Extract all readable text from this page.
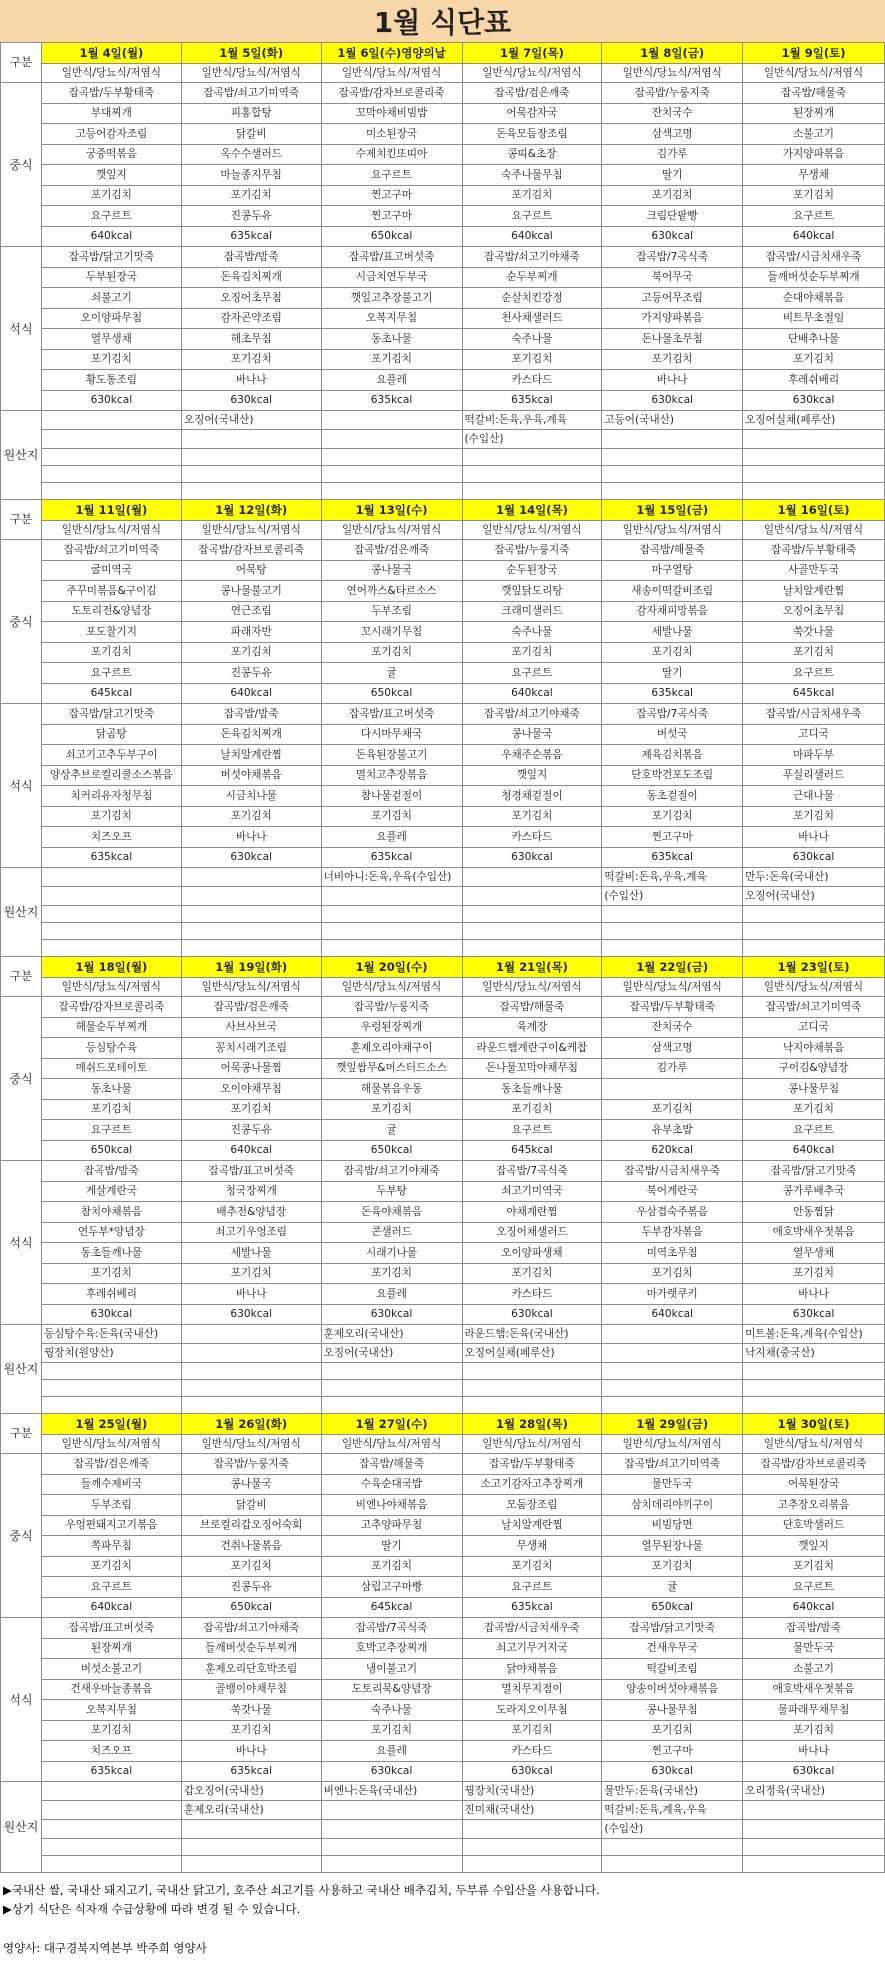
1월 식단표
구분	1월 4일(월)	1월 5일(화)	1월 6일(수)영양의날	1월 7일(목)	1월 8일(금)	1월 9일(토)
	일반식/당뇨식/저염식	일반식/당뇨식/저염식	일반식/당뇨식/저염식	일반식/당뇨식/저염식	일반식/당뇨식/저염식	일반식/당뇨식/저염식
중식	잡곡밥/두부황태죽	잡곡밥/쇠고기미역죽	잡곡밥/감자브로콜리죽	잡곡밥/검은깨죽	잡곡밥/누룽지죽	잡곡밥/해물죽
	부대찌개	피홍합탕	꼬막야채비빔밥	어묵감자국	잔치국수	된장찌개
	고등어감자조림	닭갈비	미소된장국	돈육모듬장조림	삼색고명	소불고기
	궁중떡볶음	옥수수샐러드	수제치킨또띠아	콩띠&초장	김가루	가지양파볶음
	깻잎지	마늘종지무침	요구르트	숙주나물무침	딸기	무생채
	포기김치	포기김치	찐고구마	포기김치	포기김치	포기김치
	요구르트	진콩두유	찐고구마	요구르트	크림단팥빵	요구르트
	640kcal	635kcal	650kcal	640kcal	630kcal	640kcal
석식	잡곡밥/닭고기맛죽	잡곡밥/밤죽	잡곡밥/표고버섯죽	잡곡밥/쇠고기야채죽	잡곡밥/7곡식죽	잡곡밥/시금치새우죽
	두부된장국	돈육김치찌개	시금치연두부국	순두부찌개	북어무국	들깨버섯순두부찌개
	쇠불고기	오징어초무침	깻잎고추장불고기	순살치킨강정	고등어무조림	순대야채볶음
	오이양파무침	감자곤약조림	오복지무침	천사채샐러드	가지양파볶음	비트무초절임
	열무생채	해초무침	동초나물	숙주나물	돈나물초무침	단배추나물
	포기김치	포기김치	포기김치	포기김치	포기김치	포기김치
	황도통조림	바나나	요플레	카스타드	바나나	후레쉬베리
	630kcal	630kcal	635kcal	635kcal	630kcal	630kcal
원산지		오징어(국내산)		떡갈비:돈육,우육,계육	고등어(국내산)	오징어실채(페루산)
				(수입산)		

구분	1월 11일(월)	1월 12일(화)	1월 13일(수)	1월 14일(목)	1월 15일(금)	1월 16일(토)
	일반식/당뇨식/저염식	일반식/당뇨식/저염식	일반식/당뇨식/저염식	일반식/당뇨식/저염식	일반식/당뇨식/저염식	일반식/당뇨식/저염식
중식	잡곡밥/쇠고기미역죽	잡곡밥/감자브로콜리죽	잡곡밥/검은깨죽	잡곡밥/누룽지죽	잡곡밥/해물죽	잡곡밥/두부황태죽
	굴미역국	어묵탕	콩나물국	순두된장국	마구열탕	사골만두국
	주꾸미볶음&구이김	콩나물불고기	연어까스&타르소스	깻잎닭도리탕	새송이떡갈비조림	날치알계란찜
	도토리전&양념장	연근조림	두부조림	크래미샐러드	감자채피망볶음	오징어초무침
	포도찰기지	파래자반	꼬시래기무침	숙주나물	세발나물	쑥갓나물
	포기김치	포기김치	포기김치	포기김치	포기김치	포기김치
	요구르트	진콩두유	귤	요구르트	딸기	요구르트
	645kcal	640kcal	650kcal	640kcal	635kcal	645kcal
석식	잡곡밥/닭고기맛죽	잡곡밥/밤죽	잡곡밥/표고버섯죽	잡곡밥/쇠고기야채죽	잡곡밥/7곡식죽	잡곡밥/시금치새우죽
	닭곰탕	돈육김치찌개	다시마무채국	콩나물국	버섯국	고디국
	쇠고기고추두부구이	날치알계란찜	돈육된장불고기	우채주순볶음	제육김치볶음	마파두부
	양상추브로컬리쿨소스볶음	버섯야채볶음	멸치고추장볶음	깻잎지	단호박건포도조림	푸실리샐러드
	치커리유자청무침	시금치나물	참나물겉절이	청경채겉절이	동초겉절이	근대나물
	포기김치	포기김치	포기김치	포기김치	포기김치	포기김치
	치즈오프	바나나	요플레	카스타드	찐고구마	바나나
	635kcal	630kcal	635kcal	630kcal	635kcal	630kcal
원산지			너비아니:돈육,우육(수입산)		떡갈비:돈육,우육,계육	만두:돈육(국내산)
					(수입산)	오징어(국내산)

구분	1월 18일(월)	1월 19일(화)	1월 20일(수)	1월 21일(목)	1월 22일(금)	1월 23일(토)
	일반식/당뇨식/저염식	일반식/당뇨식/저염식	일반식/당뇨식/저염식	일반식/당뇨식/저염식	일반식/당뇨식/저염식	일반식/당뇨식/저염식
중식	잡곡밥/감자브로콜리죽	잡곡밥/검은깨죽	잡곡밥/누룽지죽	잡곡밥/해물죽	잡곡밥/두부황태죽	잡곡밥/쇠고기미역죽
	해물순두부찌개	사브사브국	우렁된장찌개	육계장	잔치국수	고디국
	등심탕수육	꽁치시래기조림	훈제오리야채구이	라운드햄계란구이&케찹	삼색고명	낙지야채볶음
	매쉬드포테이토	어묵콩나물찜	깻잎쌈무&머스터드소스	돈나물꼬막야채무침	김가루	구이김&양념장
	동초나물	오이야채무침	해물볶음우동	동초들깨나물		콩나물무침
	포기김치	포기김치	포기김치	포기김치	포기김치	포기김치
	요구르트	진콩두유	귤	요구르트	유부초밥	요구르트
	650kcal	640kcal	650kcal	645kcal	620kcal	640kcal
석식	잡곡밥/밤죽	잡곡밥/표고버섯죽	잡곡밥/쇠고기야채죽	잡곡밥/7곡식죽	잡곡밥/시금치새우죽	잡곡밥/닭고기맛죽
	게살계란국	청국장찌개	두부탕	쇠고기미역국	북어계란국	콩가루배추국
	참치야채볶음	배추전&양념장	돈육야채볶음	야채계란찜	우삼겹숙주볶음	안동찜닭
	연두부*양념장	쇠고기우엉조림	콘샐러드	오징어채샐러드	두부감자볶음	애호박새우젓볶음
	동초들깨나물	세발나물	시래기나물	오이양파생채	미역초무침	열무생채
	포기김치	포기김치	포기김치	포기김치	포기김치	포기김치
	후레쉬베리	바나나	요플레	카스타드	마가렛쿠키	바나나
	630kcal	630kcal	630kcal	630kcal	640kcal	630kcal
원산지	등심탕수육:돈육(국내산)		훈제오리(국내산)	라운드햄:돈육(국내산)		미트볼:돈육,계육(수입산)
	꿩장치(원양산)		오징어(국내산)	오징어실채(페루산)		낙지채(중국산)

구분	1월 25일(월)	1월 26일(화)	1월 27일(수)	1월 28일(목)	1월 29일(금)	1월 30일(토)
	일반식/당뇨식/저염식	일반식/당뇨식/저염식	일반식/당뇨식/저염식	일반식/당뇨식/저염식	일반식/당뇨식/저염식	일반식/당뇨식/저염식
중식	잡곡밥/검은깨죽	잡곡밥/누룽지죽	잡곡밥/해물죽	잡곡밥/두부황태죽	잡곡밥/쇠고기미역죽	잡곡밥/감자브로콜리죽
	들깨수제비국	콩나물국	수육순대국밥	소고기감자고추장찌개	물만두국	어묵된장국
	두부조림	닭갈비	비엔나야채볶음	모둠장조림	삼치데리야끼구이	고추장오리볶음
	우엉편돼지고기볶음	브로컬리갑오징어숙회	고추양파무침	날치알계란찜	비빔당면	단호박샐러드
	쪽파무침	건취나물볶음	딸기	무생채	열무된장나물	깻잎지
	포기김치	포기김치	포기김치	포기김치	포기김치	포기김치
	요구르트	진콩두유	삼립고구마빵	요구르트	귤	요구르트
	640kcal	650kcal	645kcal	635kcal	650kcal	640kcal
석식	잡곡밥/표고버섯죽	잡곡밥/쇠고기야채죽	잡곡밥/7곡식죽	잡곡밥/시금치새우죽	잡곡밥/닭고기맛죽	잡곡밥/밤죽
	된장찌개	들깨버섯순두부찌개	호박고추장찌개	쇠고기무거지국	건새우무국	물만두국
	버섯소불고기	훈제오리단호박조림	냉이불고기	닭야채볶음	떡갈비조림	소불고기
	건새우마늘종볶음	골뱅이야채무침	도토리묵&양념장	멸치무지점이	양송이버섯야채볶음	애호박새우젓볶음
	오복지무침	쑥갓나물	숙주나물	도라지오이무침	콩나물무침	물파래무채무침
	포기김치	포기김치	포기김치	포기김치	포기김치	포기김치
	치즈오프	바나나	요플레	카스타드	찐고구마	바나나
	635kcal	635kcal	630kcal	630kcal	630kcal	630kcal
원산지		갑오징어(국내산)	비엔나:돈육(국내산)	꿩장치(국내산)	물만두:돈육(국내산)	오리정육(국내산)
		훈제오리(국내산)		진미채(국내산)	떡갈비:돈육,계육,우육	
					(수입산)	

▶국내산 쌀, 국내산 돼지고기, 국내산 닭고기, 호주산 쇠고기를 사용하고 국내산 배추김치, 두부류 수입산을 사용합니다.
▶상기 식단은 식자재 수급상황에 따라 변경 될 수 있습니다.
영양사: 대구경북지역본부 박주희 영양사
